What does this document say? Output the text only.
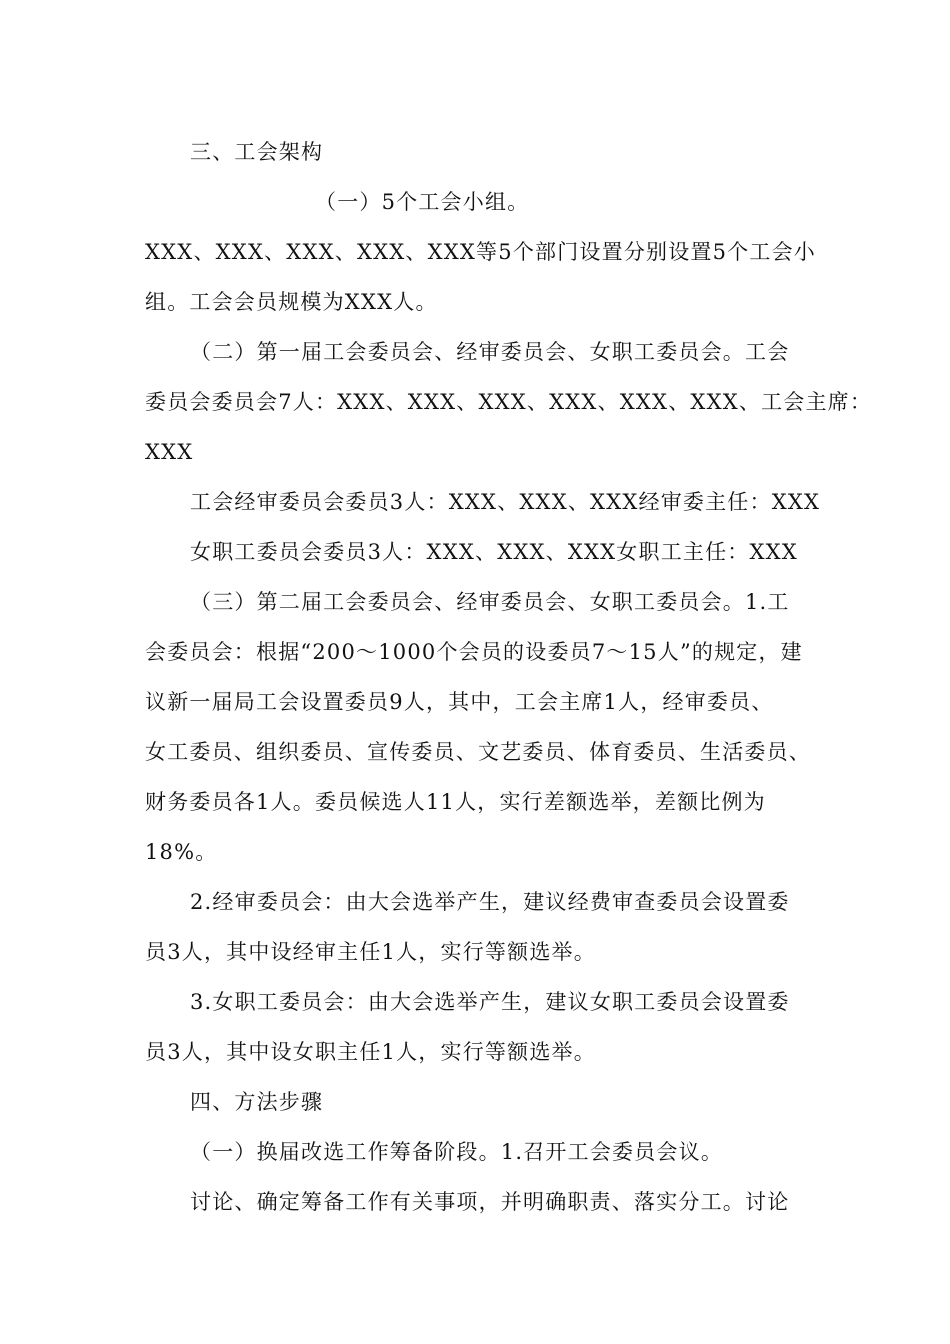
三、工会架构
（一）5个工会小组。
XXX、XXX、XXX、XXX、XXX等5个部门设置分别设置5个工会小
组。工会会员规模为XXX人。
（二）第一届工会委员会、经审委员会、女职工委员会。工会
委员会委员会7人：XXX、XXX、XXX、XXX、XXX、XXX、工会主席：
XXX
工会经审委员会委员3人：XXX、XXX、XXX经审委主任：XXX
女职工委员会委员3人：XXX、XXX、XXX女职工主任：XXX
（三）第二届工会委员会、经审委员会、女职工委员会。1.工
会委员会：根据“200～1000个会员的设委员7～15人”的规定，建
议新一届局工会设置委员9人，其中，工会主席1人，经审委员、
女工委员、组织委员、宣传委员、文艺委员、体育委员、生活委员、
财务委员各1人。委员候选人11人，实行差额选举，差额比例为
18%。
2.经审委员会：由大会选举产生，建议经费审查委员会设置委
员3人，其中设经审主任1人，实行等额选举。
3.女职工委员会：由大会选举产生，建议女职工委员会设置委
员3人，其中设女职主任1人，实行等额选举。
四、方法步骤
（一）换届改选工作筹备阶段。1.召开工会委员会议。
讨论、确定筹备工作有关事项，并明确职责、落实分工。讨论
